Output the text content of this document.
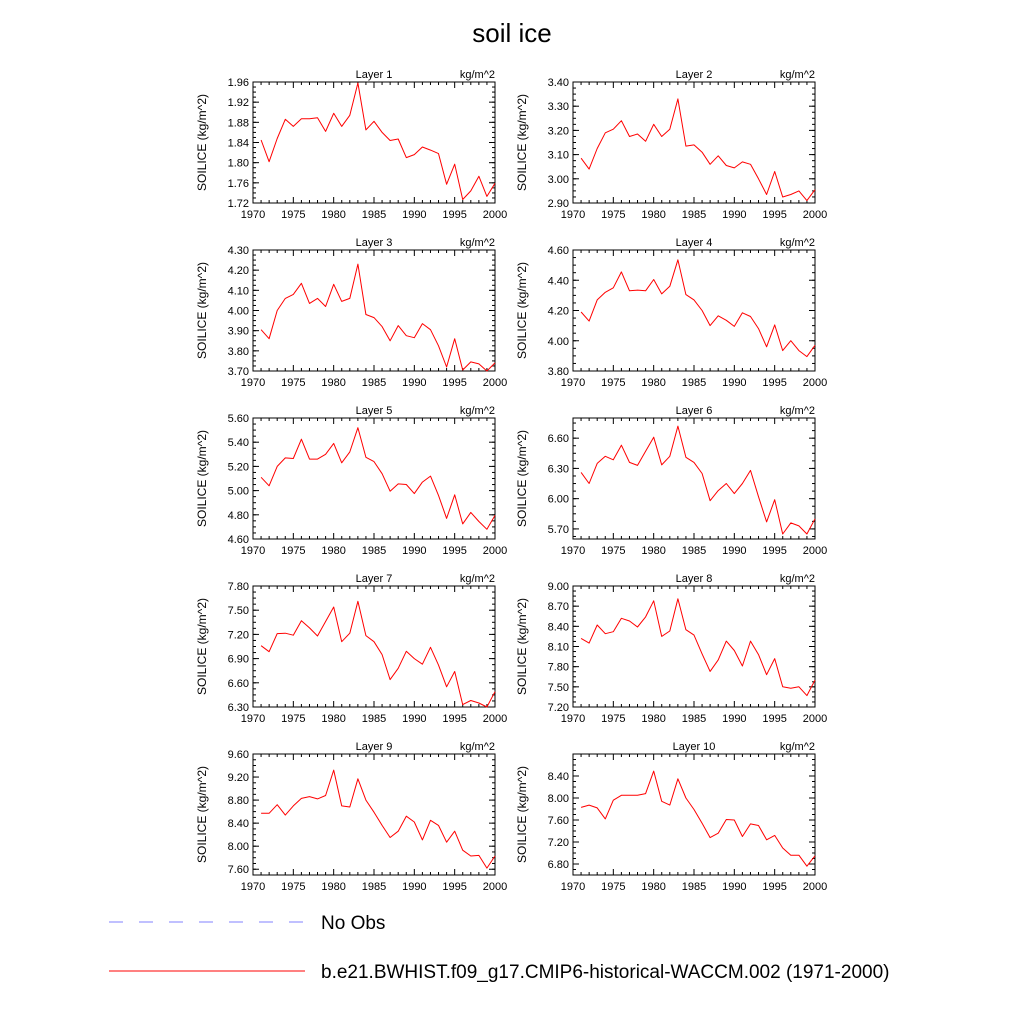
soil ice
1.72
1.76
1.80
1.84
1.88
1.92
1.96
1970 1975 1980 1985 1990 1995 2000
Layer 1	kg/m^2
SOILICE (kg/m^2)
2.90
3.00
3.10
3.20
3.30
3.40
1970 1975 1980 1985 1990 1995 2000
Layer 2	kg/m^2
SOILICE (kg/m^2)
3.70
3.80
3.90
4.00
4.10
4.20
4.30
1970 1975 1980 1985 1990 1995 2000
Layer 3	kg/m^2
SOILICE (kg/m^2)
3.80
4.00
4.20
4.40
4.60
1970 1975 1980 1985 1990 1995 2000
Layer 4	kg/m^2
SOILICE (kg/m^2)
4.60
4.80
5.00
5.20
5.40
5.60
1970 1975 1980 1985 1990 1995 2000
Layer 5	kg/m^2
SOILICE (kg/m^2)
5.70
6.00
6.30
6.60
1970 1975 1980 1985 1990 1995 2000
Layer 6	kg/m^2
SOILICE (kg/m^2)
6.30
6.60
6.90
7.20
7.50
7.80
1970 1975 1980 1985 1990 1995 2000
Layer 7	kg/m^2
SOILICE (kg/m^2)
7.20
7.50
7.80
8.10
8.40
8.70
9.00
1970 1975 1980 1985 1990 1995 2000
Layer 8	kg/m^2
SOILICE (kg/m^2)
7.60
8.00
8.40
8.80
9.20
9.60
1970 1975 1980 1985 1990 1995 2000
Layer 9	kg/m^2
SOILICE (kg/m^2)
6.80
7.20
7.60
8.00
8.40
1970 1975 1980 1985 1990 1995 2000
Layer 10	kg/m^2
SOILICE (kg/m^2)
No Obs
b.e21.BWHIST.f09_g17.CMIP6-historical-WACCM.002 (1971-2000)
